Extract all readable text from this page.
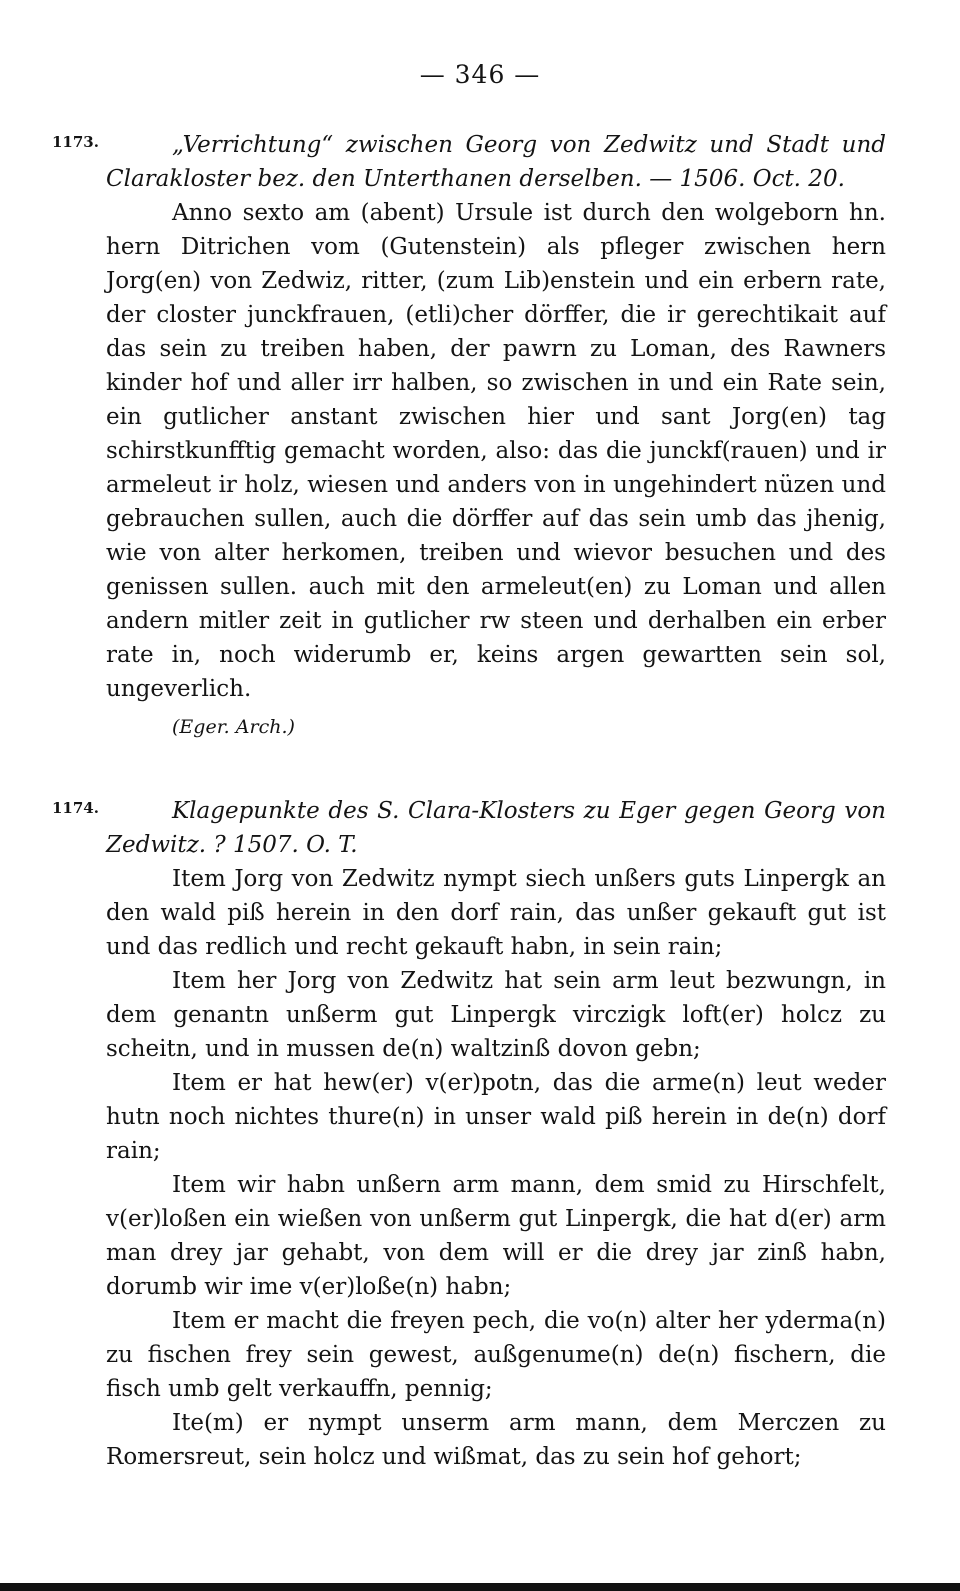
— 346 —
1173.	„Verrichtung“ zwischen Georg von Zedwitz und Stadt und Claraklοster bez. den Unterthanen derselben. — 1506. Oct. 20.

Anno sexto am (abent) Ursule ist durch den wolgeborn hn. hern Ditrichen vom (Gutenstein) als pfleger zwischen hern Jorg(en) von Zedwiz, ritter, (zum Lib)enstein und ein erbern rate, der closter junckfrauen, (etli)cher dörffer, die ir gerechtikait auf das sein zu treiben haben, der pawrn zu Loman, des Rawners kinder hof und aller irr halben, so zwischen in und ein Rate sein, ein gutlicher anstant zwischen hier und sant Jorg(en) tag schirstkunfftig gemacht worden, also: das die junckf(rauen) und ir armeleut ir holz, wiesen und anders von in ungehindert nüzen und gebrauchen sullen, auch die dörffer auf das sein umb das jhenig, wie von alter herkomen, treiben und wievor besuchen und des genissen sullen. auch mit den armeleut(en) zu Loman und allen andern mitler zeit in gutlicher rw steen und derhalben ein erber rate in, noch widerumb er, keins argen gewartten sein sol, ungeverlich.

(Eger. Arch.)

1174.	Klagepunkte des S. Clara-Klosters zu Eger gegen Georg von Zedwitz. ? 1507. O. T.

Item Jorg von Zedwitz nympt siech unßers guts Linpergk an den wald piß herein in den dorf rain, das unßer gekauft gut ist und das redlich und recht gekauft habn, in sein rain;

Item her Jorg von Zedwitz hat sein arm leut bezwungn, in dem genantn unßerm gut Linpergk virczigk loft(er) holcz zu scheitn, und in mussen de(n) waltzinß dovon gebn;

Item er hat hew(er) v(er)potn, das die arme(n) leut weder hutn noch nichtes thure(n) in unser wald piß herein in de(n) dorf rain;

Item wir habn unßern arm mann, dem smid zu Hirschfelt, v(er)loßen ein wießen von unßerm gut Linpergk, die hat d(er) arm man drey jar gehabt, von dem will er die drey jar zinß habn, dorumb wir ime v(er)loße(n) habn;

Item er macht die freyen pech, die vo(n) alter her yderma(n) zu fischen frey sein gewest, außgenume(n) de(n) fischern, die fisch umb gelt verkauffn, pennig;

Ite(m) er nympt unserm arm mann, dem Merczen zu Romersreut, sein holcz und wißmat, das zu sein hof gehort;
